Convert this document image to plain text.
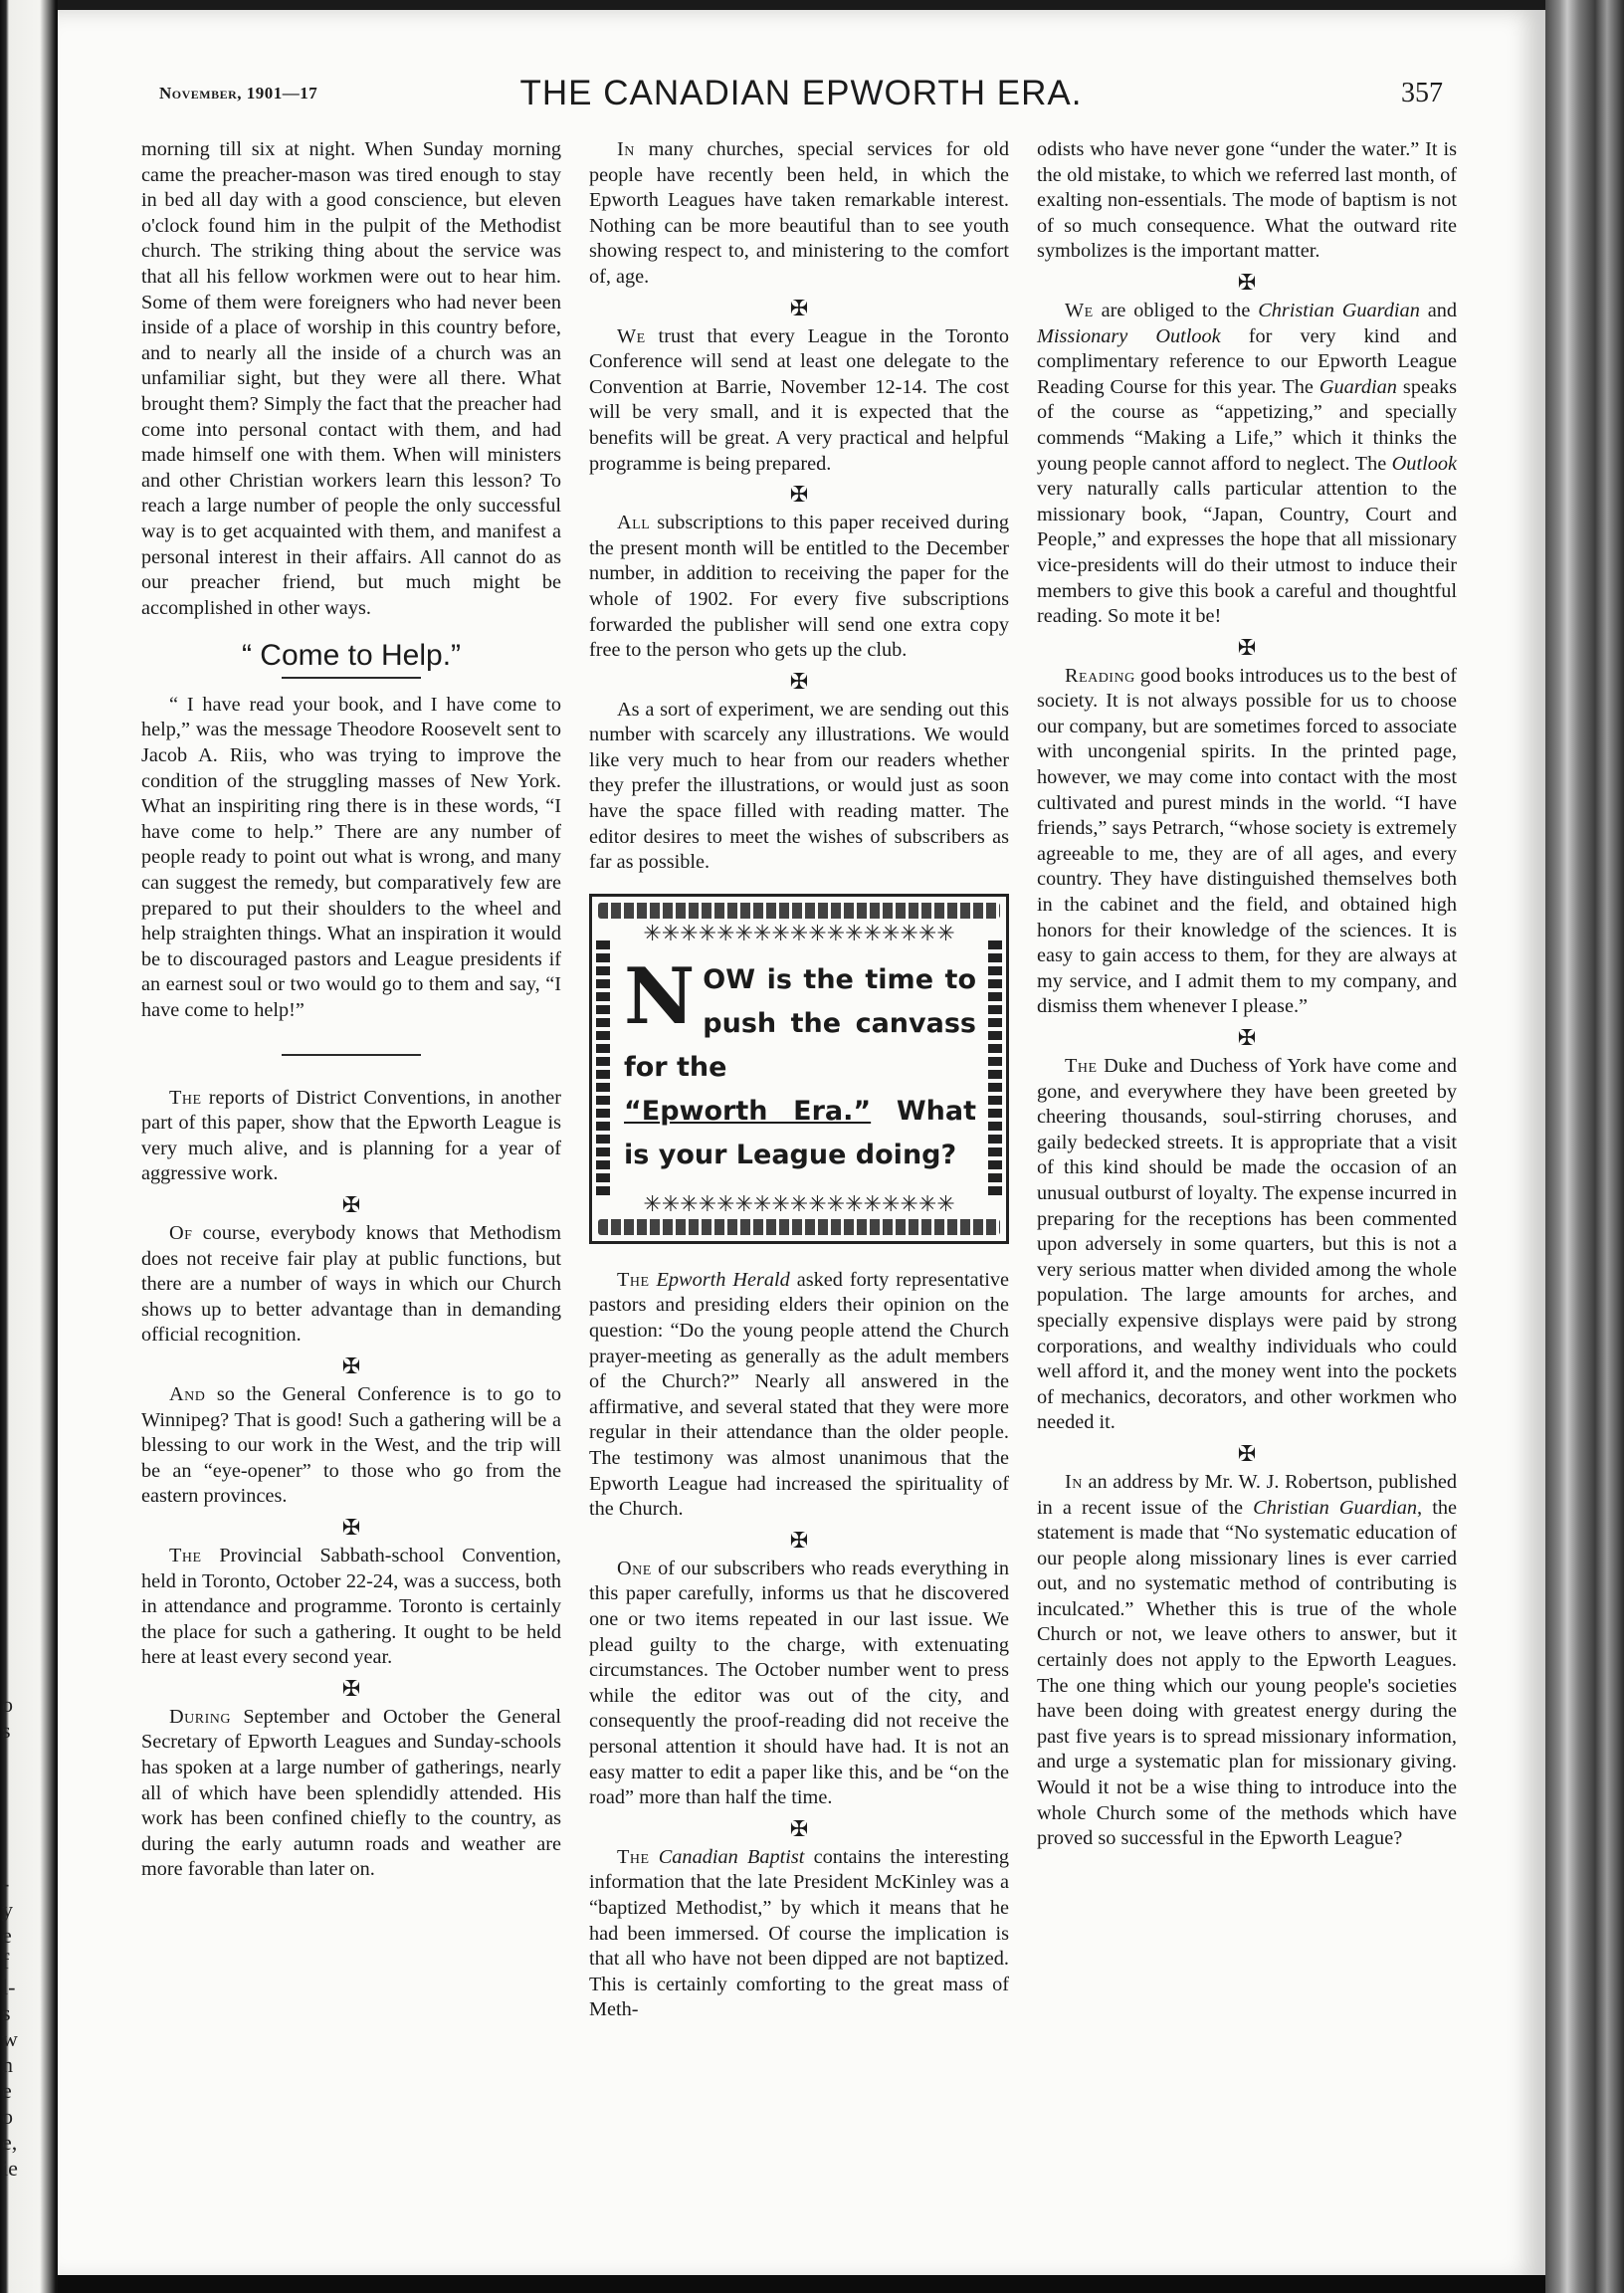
o
s
-
y
e
f
l-
s
w
n
e
o
e,
ie
November, 1901—17	THE CANADIAN EPWORTH ERA.	357

morning till six at night. When Sunday morning came the preacher-mason was tired enough to stay in bed all day with a good conscience, but eleven o'clock found him in the pulpit of the Methodist church. The striking thing about the service was that all his fellow workmen were out to hear him. Some of them were foreigners who had never been inside of a place of worship in this country before, and to nearly all the inside of a church was an unfamiliar sight, but they were all there. What brought them? Simply the fact that the preacher had come into personal contact with them, and had made himself one with them. When will ministers and other Christian workers learn this lesson? To reach a large number of people the only successful way is to get acquainted with them, and manifest a personal interest in their affairs. All cannot do as our preacher friend, but much might be accomplished in other ways.

“ Come to Help.”

“ I have read your book, and I have come to help,” was the message Theodore Roosevelt sent to Jacob A. Riis, who was trying to improve the condition of the struggling masses of New York. What an inspiriting ring there is in these words, “I have come to help.” There are any number of people ready to point out what is wrong, and many can suggest the remedy, but comparatively few are prepared to put their shoulders to the wheel and help straighten things. What an inspiration it would be to discouraged pastors and League presidents if an earnest soul or two would go to them and say, “I have come to help!”

The reports of District Conventions, in another part of this paper, show that the Epworth League is very much alive, and is planning for a year of aggressive work.

✠

Of course, everybody knows that Methodism does not receive fair play at public functions, but there are a number of ways in which our Church shows up to better advantage than in demanding official recognition.

✠

And so the General Conference is to go to Winnipeg? That is good! Such a gathering will be a blessing to our work in the West, and the trip will be an “eye-opener” to those who go from the eastern provinces.

✠

The Provincial Sabbath-school Convention, held in Toronto, October 22-24, was a success, both in attendance and programme. Toronto is certainly the place for such a gathering. It ought to be held here at least every second year.

✠

During September and October the General Secretary of Epworth Leagues and Sunday-schools has spoken at a large number of gatherings, nearly all of which have been splendidly attended. His work has been confined chiefly to the country, as during the early autumn roads and weather are more favorable than later on.

In many churches, special services for old people have recently been held, in which the Epworth Leagues have taken remarkable interest. Nothing can be more beautiful than to see youth showing respect to, and ministering to the comfort of, age.

✠

We trust that every League in the Toronto Conference will send at least one delegate to the Convention at Barrie, November 12-14. The cost will be very small, and it is expected that the benefits will be great. A very practical and helpful programme is being prepared.

✠

All subscriptions to this paper received during the present month will be entitled to the December number, in addition to receiving the paper for the whole of 1902. For every five subscriptions forwarded the publisher will send one extra copy free to the person who gets up the club.

✠

As a sort of experiment, we are sending out this number with scarcely any illustrations. We would like very much to hear from our readers whether they prefer the illustrations, or would just as soon have the space filled with reading matter. The editor desires to meet the wishes of subscribers as far as possible.

✳✳✳✳✳✳✳✳✳✳✳✳✳✳✳✳✳
NOW is the time to push the canvass for the
“Epworth Era.” What is your League doing?
✳✳✳✳✳✳✳✳✳✳✳✳✳✳✳✳✳

The Epworth Herald asked forty representative pastors and presiding elders their opinion on the question: “Do the young people attend the Church prayer-meeting as generally as the adult members of the Church?” Nearly all answered in the affirmative, and several stated that they were more regular in their attendance than the older people. The testimony was almost unanimous that the Epworth League had increased the spirituality of the Church.

✠

One of our subscribers who reads everything in this paper carefully, informs us that he discovered one or two items repeated in our last issue. We plead guilty to the charge, with extenuating circumstances. The October number went to press while the editor was out of the city, and consequently the proof-reading did not receive the personal attention it should have had. It is not an easy matter to edit a paper like this, and be “on the road” more than half the time.

✠

The Canadian Baptist contains the interesting information that the late President McKinley was a “baptized Methodist,” by which it means that he had been immersed. Of course the implication is that all who have not been dipped are not baptized. This is certainly comforting to the great mass of Meth-

odists who have never gone “under the water.” It is the old mistake, to which we referred last month, of exalting non-essentials. The mode of baptism is not of so much consequence. What the outward rite symbolizes is the important matter.

✠

We are obliged to the Christian Guardian and Missionary Outlook for very kind and complimentary reference to our Epworth League Reading Course for this year. The Guardian speaks of the course as “appetizing,” and specially commends “Making a Life,” which it thinks the young people cannot afford to neglect. The Outlook very naturally calls particular attention to the missionary book, “Japan, Country, Court and People,” and expresses the hope that all missionary vice-presidents will do their utmost to induce their members to give this book a careful and thoughtful reading. So mote it be!

✠

Reading good books introduces us to the best of society. It is not always possible for us to choose our company, but are sometimes forced to associate with uncongenial spirits. In the printed page, however, we may come into contact with the most cultivated and purest minds in the world. “I have friends,” says Petrarch, “whose society is extremely agreeable to me, they are of all ages, and every country. They have distinguished themselves both in the cabinet and the field, and obtained high honors for their knowledge of the sciences. It is easy to gain access to them, for they are always at my service, and I admit them to my company, and dismiss them whenever I please.”

✠

The Duke and Duchess of York have come and gone, and everywhere they have been greeted by cheering thousands, soul-stirring choruses, and gaily bedecked streets. It is appropriate that a visit of this kind should be made the occasion of an unusual outburst of loyalty. The expense incurred in preparing for the receptions has been commented upon adversely in some quarters, but this is not a very serious matter when divided among the whole population. The large amounts for arches, and specially expensive displays were paid by strong corporations, and wealthy individuals who could well afford it, and the money went into the pockets of mechanics, decorators, and other workmen who needed it.

✠

In an address by Mr. W. J. Robertson, published in a recent issue of the Christian Guardian, the statement is made that “No systematic education of our people along missionary lines is ever carried out, and no systematic method of contributing is inculcated.” Whether this is true of the whole Church or not, we leave others to answer, but it certainly does not apply to the Epworth Leagues. The one thing which our young people's societies have been doing with greatest energy during the past five years is to spread missionary information, and urge a systematic plan for missionary giving. Would it not be a wise thing to introduce into the whole Church some of the methods which have proved so successful in the Epworth League?
